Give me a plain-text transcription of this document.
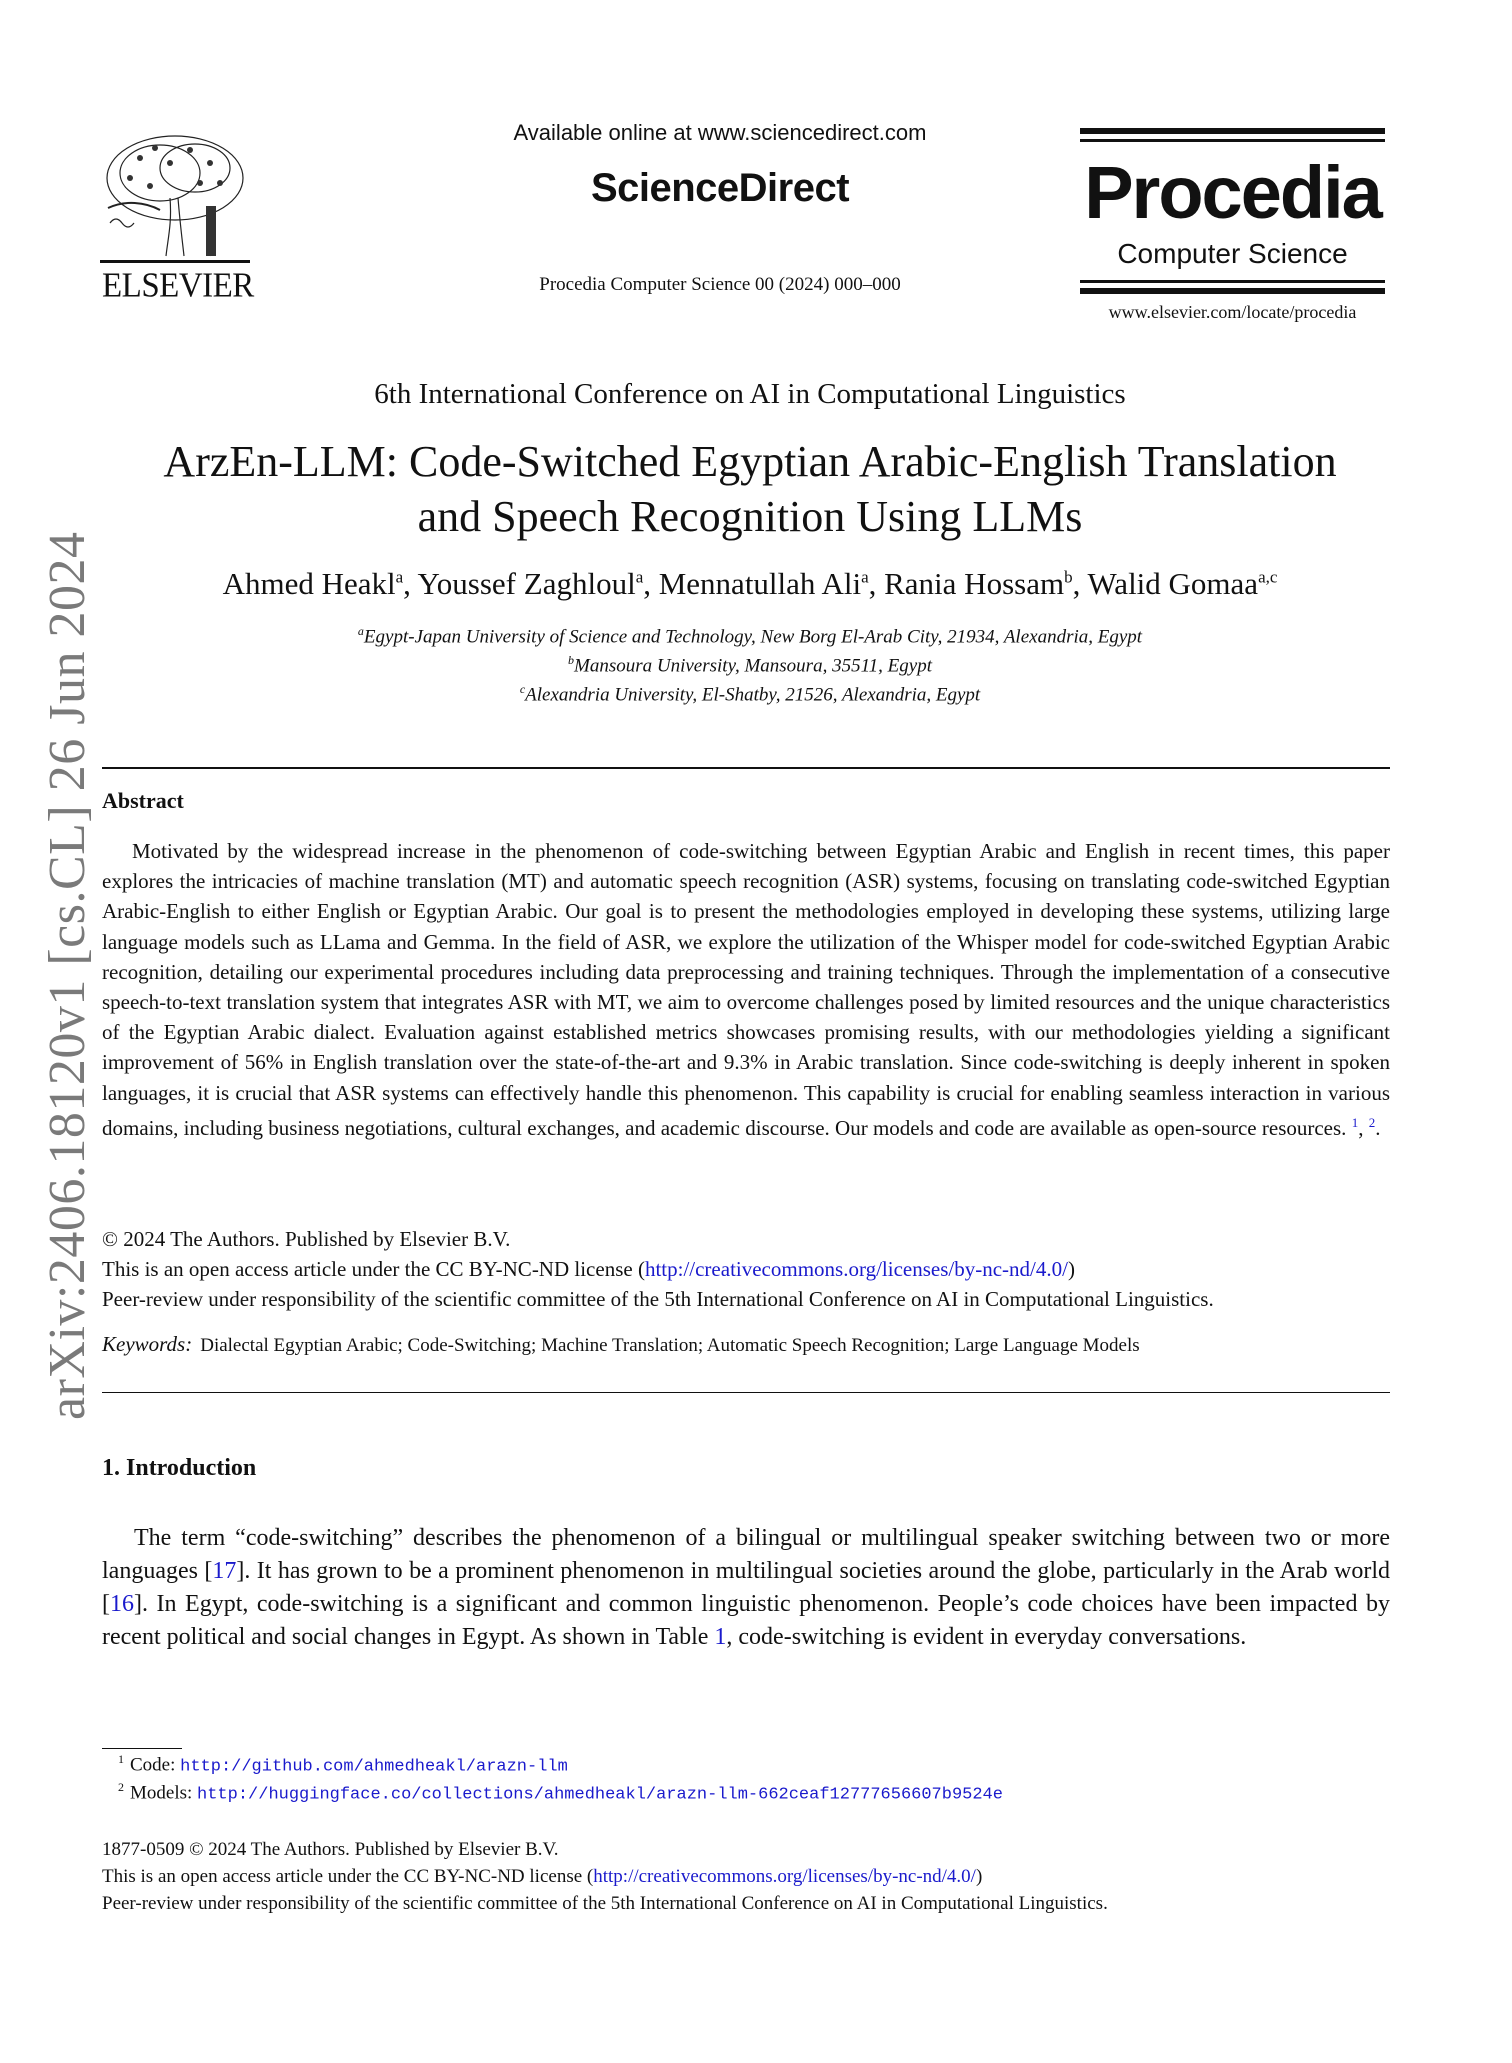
arXiv:2406.18120v1 [cs.CL] 26 Jun 2024
ELSEVIER
Available online at www.sciencedirect.com
ScienceDirect
Procedia Computer Science 00 (2024) 000–000
Procedia
Computer Science
www.elsevier.com/locate/procedia
6th International Conference on AI in Computational Linguistics
ArzEn-LLM: Code-Switched Egyptian Arabic-English Translation
and Speech Recognition Using LLMs
Ahmed Heakl$^a$, Youssef Zaghloul$^a$, Mennatullah Ali$^a$, Rania Hossam$^b$, Walid Gomaa$^{a,c}$
$^a$Egypt-Japan University of Science and Technology, New Borg El-Arab City, 21934, Alexandria, Egypt
$^b$Mansoura University, Mansoura, 35511, Egypt
$^c$Alexandria University, El-Shatby, 21526, Alexandria, Egypt
Abstract
Motivated by the widespread increase in the phenomenon of code-switching between Egyptian Arabic and English in recent times, this paper explores the intricacies of machine translation (MT) and automatic speech recognition (ASR) systems, focusing on translating code-switched Egyptian Arabic-English to either English or Egyptian Arabic. Our goal is to present the methodologies employed in developing these systems, utilizing large language models such as LLama and Gemma. In the field of ASR, we explore the utilization of the Whisper model for code-switched Egyptian Arabic recognition, detailing our experimental procedures including data preprocessing and training techniques. Through the implementation of a consecutive speech-to-text translation system that integrates ASR with MT, we aim to overcome challenges posed by limited resources and the unique characteristics of the Egyptian Arabic dialect. Evaluation against established metrics showcases promising results, with our methodologies yielding a significant improvement of 56% in English translation over the state-of-the-art and 9.3% in Arabic translation. Since code-switching is deeply inherent in spoken languages, it is crucial that ASR systems can effectively handle this phenomenon. This capability is crucial for enabling seamless interaction in various domains, including business negotiations, cultural exchanges, and academic discourse. Our models and code are available as open-source resources. $^1$, $^2$.
© 2024 The Authors. Published by Elsevier B.V.
This is an open access article under the CC BY-NC-ND license (http://creativecommons.org/licenses/by-nc-nd/4.0/)
Peer-review under responsibility of the scientific committee of the 5th International Conference on AI in Computational Linguistics.
Keywords: Dialectal Egyptian Arabic; Code-Switching; Machine Translation; Automatic Speech Recognition; Large Language Models
1. Introduction
The term “code-switching” describes the phenomenon of a bilingual or multilingual speaker switching between two or more languages [17]. It has grown to be a prominent phenomenon in multilingual societies around the globe, particularly in the Arab world [16]. In Egypt, code-switching is a significant and common linguistic phenomenon. People’s code choices have been impacted by recent political and social changes in Egypt. As shown in Table 1, code-switching is evident in everyday conversations.
$^1$ Code: http://github.com/ahmedheakl/arazn-llm
$^2$ Models: http://huggingface.co/collections/ahmedheakl/arazn-llm-662ceaf12777656607b9524e
1877-0509 © 2024 The Authors. Published by Elsevier B.V.
This is an open access article under the CC BY-NC-ND license (http://creativecommons.org/licenses/by-nc-nd/4.0/)
Peer-review under responsibility of the scientific committee of the 5th International Conference on AI in Computational Linguistics.
